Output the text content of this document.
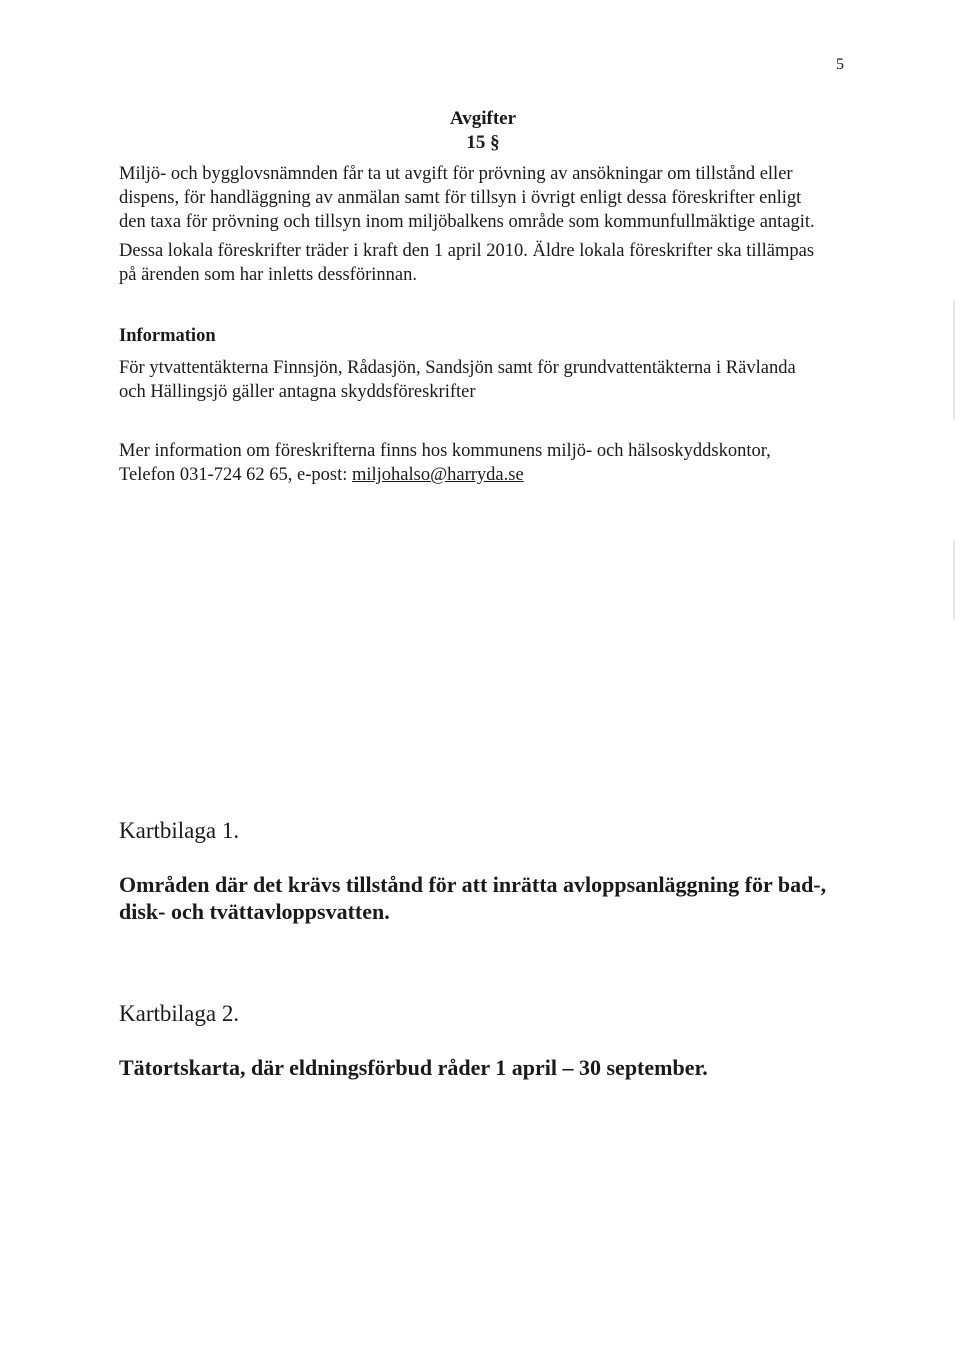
5
Avgifter
15 §
Miljö- och bygglovsnämnden får ta ut avgift för prövning av ansökningar om tillstånd eller
dispens, för handläggning av anmälan samt för tillsyn i övrigt enligt dessa föreskrifter enligt
den taxa för prövning och tillsyn inom miljöbalkens område som kommunfullmäktige antagit.
Dessa lokala föreskrifter träder i kraft den 1 april 2010. Äldre lokala föreskrifter ska tillämpas
på ärenden som har inletts dessförinnan.
Information
För ytvattentäkterna Finnsjön, Rådasjön, Sandsjön samt för grundvattentäkterna i Rävlanda
och Hällingsjö gäller antagna skyddsföreskrifter
Mer information om föreskrifterna finns hos kommunens miljö- och hälsoskyddskontor,
Telefon 031-724 62 65, e-post: miljohalso@harryda.se
Kartbilaga 1.
Områden där det krävs tillstånd för att inrätta avloppsanläggning för bad-,
disk- och tvättavloppsvatten.
Kartbilaga 2.
Tätortskarta, där eldningsförbud råder 1 april – 30 september.
